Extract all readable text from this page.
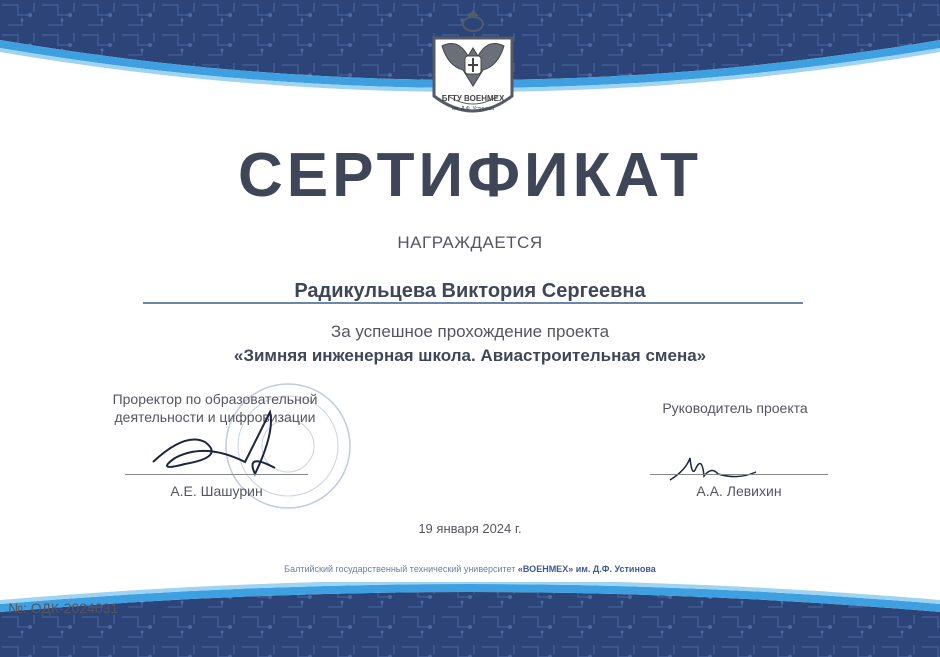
БГТУ ВОЕНМЕХ
им. Д.Ф. Устинова
СЕРТИФИКАТ
НАГРАЖДАЕТСЯ
Радикульцева Виктория Сергеевна
За успешное прохождение проекта
«Зимняя инженерная школа. Авиастроительная смена»
Проректор по образовательной
деятельности и цифровизации
А.Е. Шашурин
Руководитель проекта
А.А. Левихин
19 января 2024 г.
Балтийский государственный технический университет «ВОЕНМЕХ» им. Д.Ф. Устинова
№: ОДК-2024031
